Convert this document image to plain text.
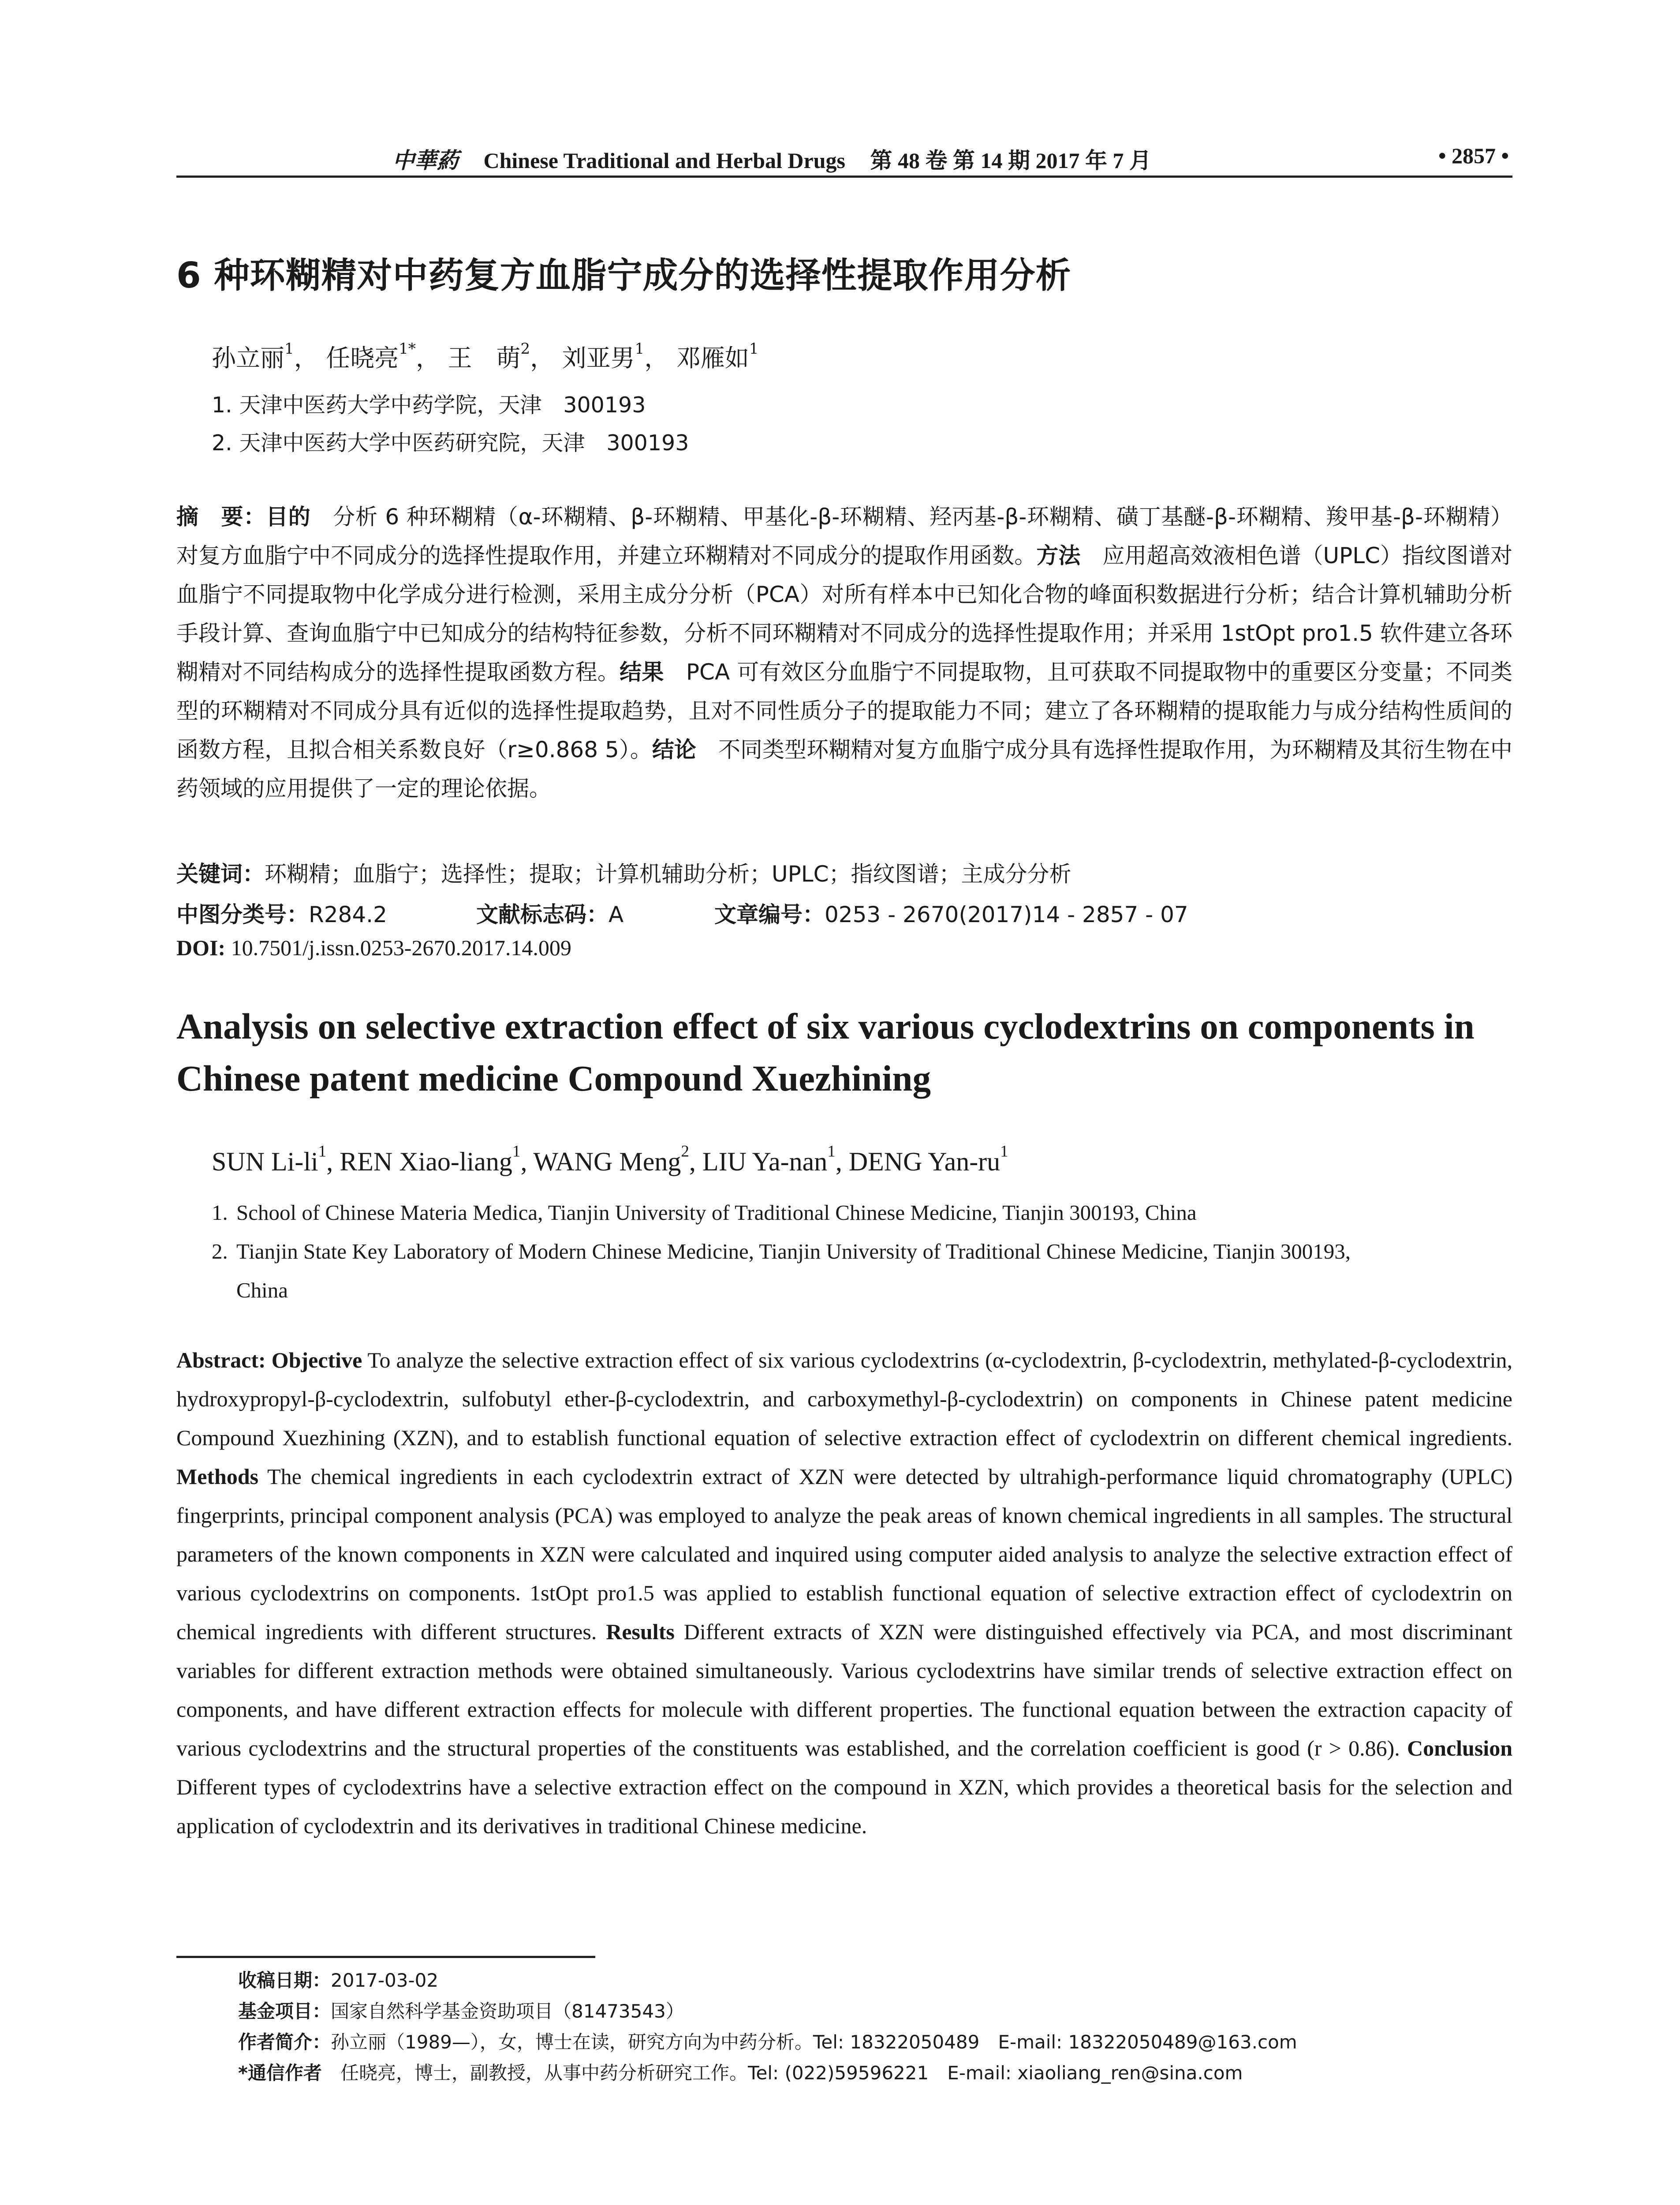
中華葯 Chinese Traditional and Herbal Drugs 第 48 卷 第 14 期 2017 年 7 月	• 2857 •
6 种环糊精对中药复方血脂宁成分的选择性提取作用分析
孙立丽$^1$， 任晓亮$^{1*}$， 王　萌$^2$， 刘亚男$^1$， 邓雁如$^1$
1. 天津中医药大学中药学院，天津　300193
2. 天津中医药大学中医药研究院，天津　300193
摘　要：目的　分析 6 种环糊精（α-环糊精、β-环糊精、甲基化-β-环糊精、羟丙基-β-环糊精、磺丁基醚-β-环糊精、羧甲基-β-环糊精）对复方血脂宁中不同成分的选择性提取作用，并建立环糊精对不同成分的提取作用函数。方法　应用超高效液相色谱（UPLC）指纹图谱对血脂宁不同提取物中化学成分进行检测，采用主成分分析（PCA）对所有样本中已知化合物的峰面积数据进行分析；结合计算机辅助分析手段计算、查询血脂宁中已知成分的结构特征参数，分析不同环糊精对不同成分的选择性提取作用；并采用 1stOpt pro1.5 软件建立各环糊精对不同结构成分的选择性提取函数方程。结果　PCA 可有效区分血脂宁不同提取物，且可获取不同提取物中的重要区分变量；不同类型的环糊精对不同成分具有近似的选择性提取趋势，且对不同性质分子的提取能力不同；建立了各环糊精的提取能力与成分结构性质间的函数方程，且拟合相关系数良好（r≥0.868 5）。结论　不同类型环糊精对复方血脂宁成分具有选择性提取作用，为环糊精及其衍生物在中药领域的应用提供了一定的理论依据。
关键词：环糊精；血脂宁；选择性；提取；计算机辅助分析；UPLC；指纹图谱；主成分分析
中图分类号：R284.2	文献标志码：A	文章编号：0253 - 2670(2017)14 - 2857 - 07
DOI: 10.7501/j.issn.0253-2670.2017.14.009
Analysis on selective extraction effect of six various cyclodextrins on components in Chinese patent medicine Compound Xuezhining
SUN $Li-li^1$, REN Xiao-liang$^1$, WANG Meng$^2$, LIU Ya-nan$^1$, DENG Yan-$ru^1$
1. School of Chinese Materia Medica, Tianjin University of Traditional Chinese Medicine, Tianjin 300193, China
2. Tianjin State Key Laboratory of Modern Chinese Medicine, Tianjin University of Traditional Chinese Medicine, Tianjin 300193,
China
Abstract: Objective To analyze the selective extraction effect of six various cyclodextrins (α-cyclodextrin, β-cyclodextrin, methylated-β-cyclodextrin, hydroxypropyl-β-cyclodextrin, sulfobutyl ether-β-cyclodextrin, and carboxymethyl-β-cyclodextrin) on components in Chinese patent medicine Compound Xuezhining (XZN), and to establish functional equation of selective extraction effect of cyclodextrin on different chemical ingredients. Methods The chemical ingredients in each cyclodextrin extract of XZN were detected by ultrahigh-performance liquid chromatography (UPLC) fingerprints, principal component analysis (PCA) was employed to analyze the peak areas of known chemical ingredients in all samples. The structural parameters of the known components in XZN were calculated and inquired using computer aided analysis to analyze the selective extraction effect of various cyclodextrins on components. 1stOpt pro1.5 was applied to establish functional equation of selective extraction effect of cyclodextrin on chemical ingredients with different structures. Results Different extracts of XZN were distinguished effectively via PCA, and most discriminant variables for different extraction methods were obtained simultaneously. Various cyclodextrins have similar trends of selective extraction effect on components, and have different extraction effects for molecule with different properties. The functional equation between the extraction capacity of various cyclodextrins and the structural properties of the constituents was established, and the correlation coefficient is good (r > 0.86). Conclusion Different types of cyclodextrins have a selective extraction effect on the compound in XZN, which provides a theoretical basis for the selection and application of cyclodextrin and its derivatives in traditional Chinese medicine.
收稿日期：2017-03-02
基金项目：国家自然科学基金资助项目（81473543）
作者简介：孙立丽（1989—），女，博士在读，研究方向为中药分析。Tel: 18322050489　E-mail: 18322050489@163.com
*通信作者　任晓亮，博士，副教授，从事中药分析研究工作。Tel: (022)59596221　E-mail: xiaoliang_ren@sina.com
